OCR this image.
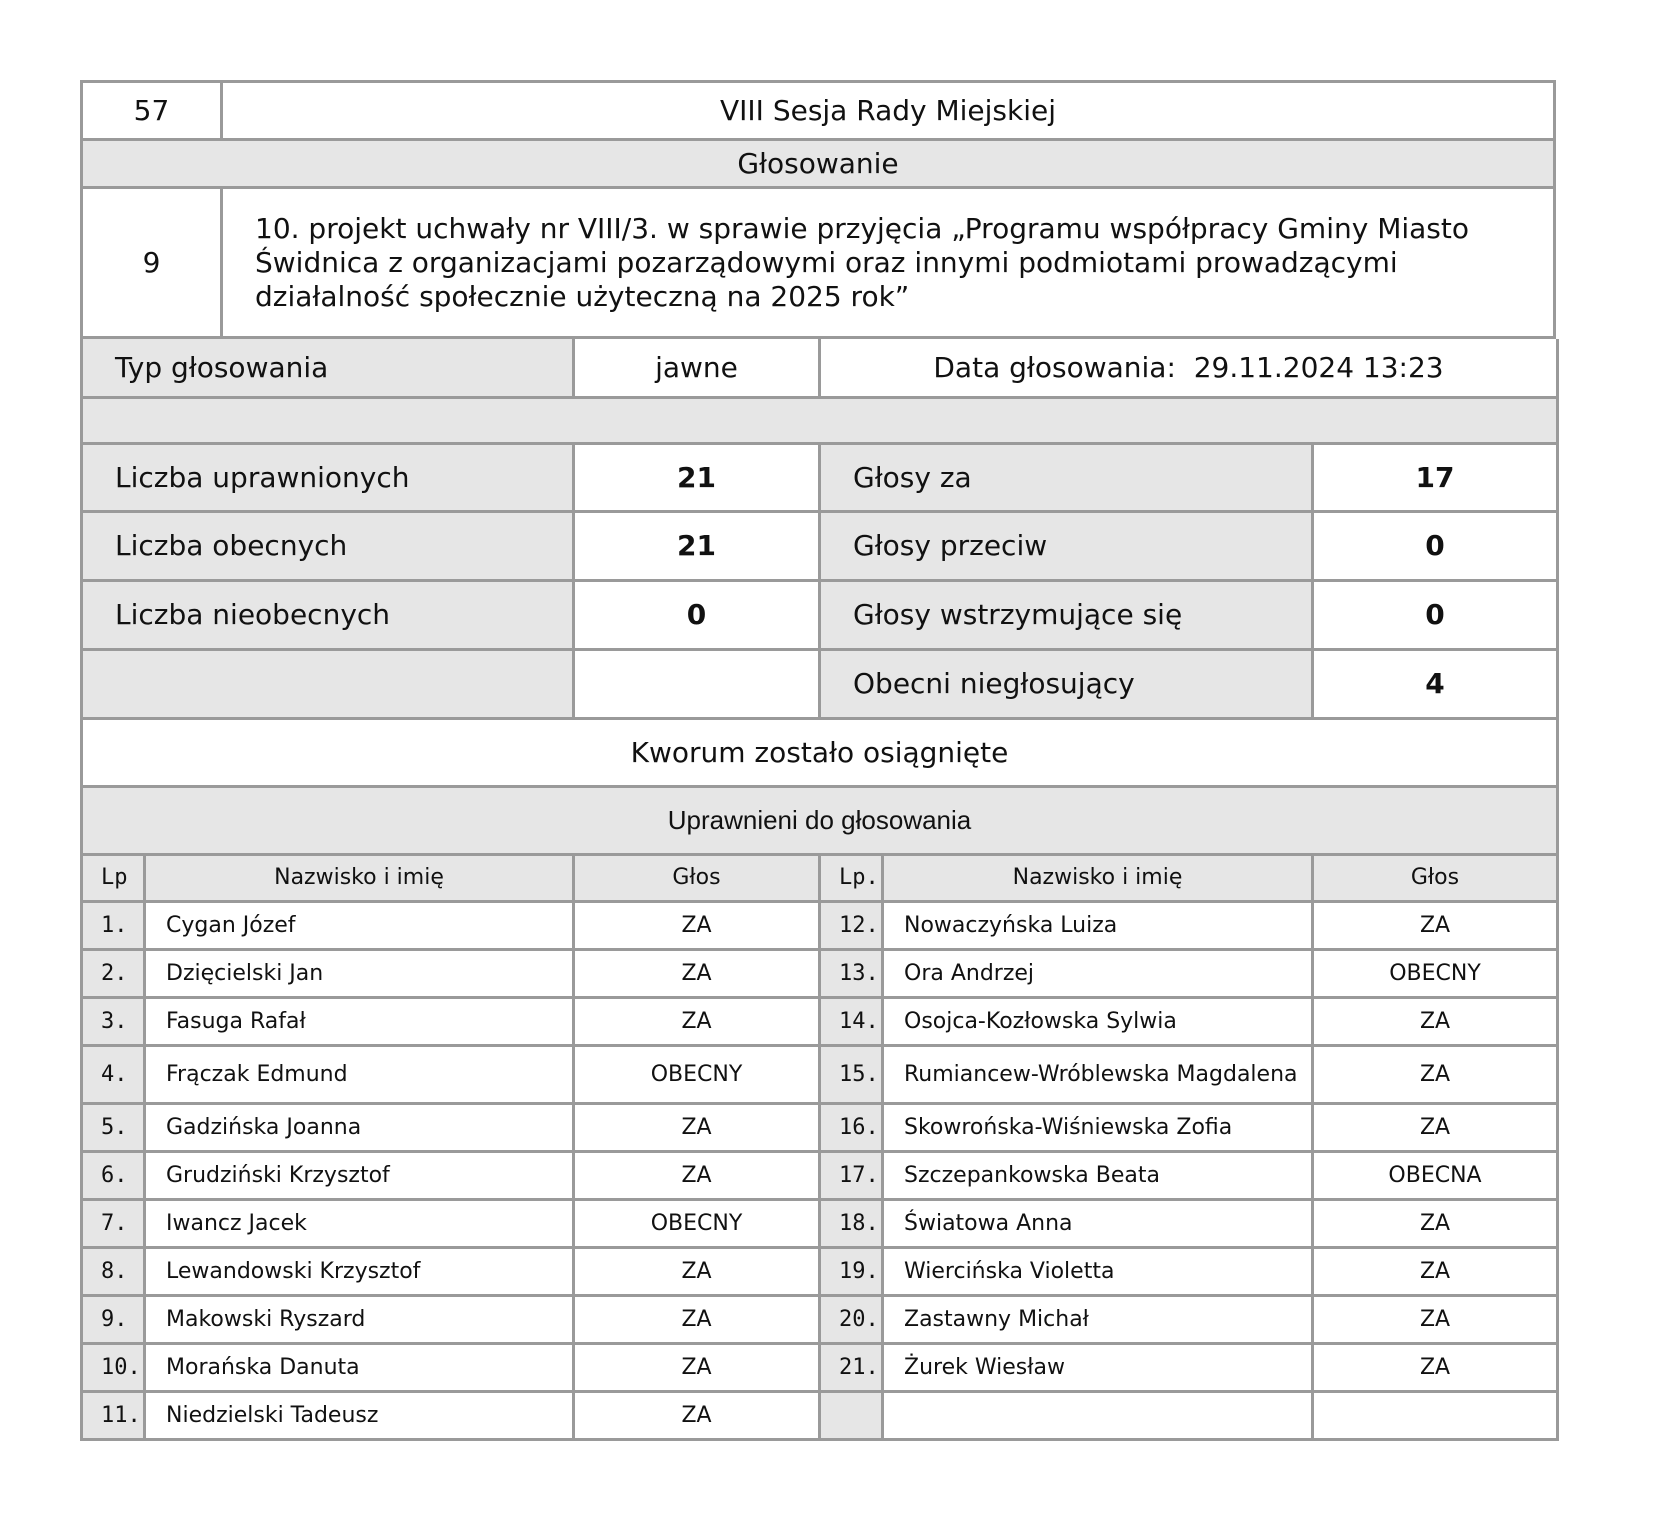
57	VIII Sesja Rady Miejskiej
Głosowanie	
9	10. projekt uchwały nr VIII/3. w sprawie przyjęcia „Programu współpracy Gminy Miasto Świdnica z organizacjami pozarządowymi oraz innymi podmiotami prowadzącymi działalność społecznie użyteczną na 2025 rok”
Typ głosowania	jawne	Data głosowania: 29.11.2024 13:23	

Liczba uprawnionych	21	Głosy za	17
Liczba obecnych	21	Głosy przeciw	0
Liczba nieobecnych	0	Głosy wstrzymujące się	0
		Obecni niegłosujący	4
Kworum zostało osiągnięte			
Uprawnieni do głosowania			
Lp	Nazwisko i imię	Głos	Lp.	Nazwisko i imię	Głos
1.	Cygan Józef	ZA	12.	Nowaczyńska Luiza	ZA
2.	Dzięcielski Jan	ZA	13.	Ora Andrzej	OBECNY
3.	Fasuga Rafał	ZA	14.	Osojca-Kozłowska Sylwia	ZA
4.	Frączak Edmund	OBECNY	15.	Rumiancew-Wróblewska Magdalena	ZA
5.	Gadzińska Joanna	ZA	16.	Skowrońska-Wiśniewska Zofia	ZA
6.	Grudziński Krzysztof	ZA	17.	Szczepankowska Beata	OBECNA
7.	Iwancz Jacek	OBECNY	18.	Światowa Anna	ZA
8.	Lewandowski Krzysztof	ZA	19.	Wiercińska Violetta	ZA
9.	Makowski Ryszard	ZA	20.	Zastawny Michał	ZA
10.	Morańska Danuta	ZA	21.	Żurek Wiesław	ZA
11.	Niedzielski Tadeusz	ZA			
